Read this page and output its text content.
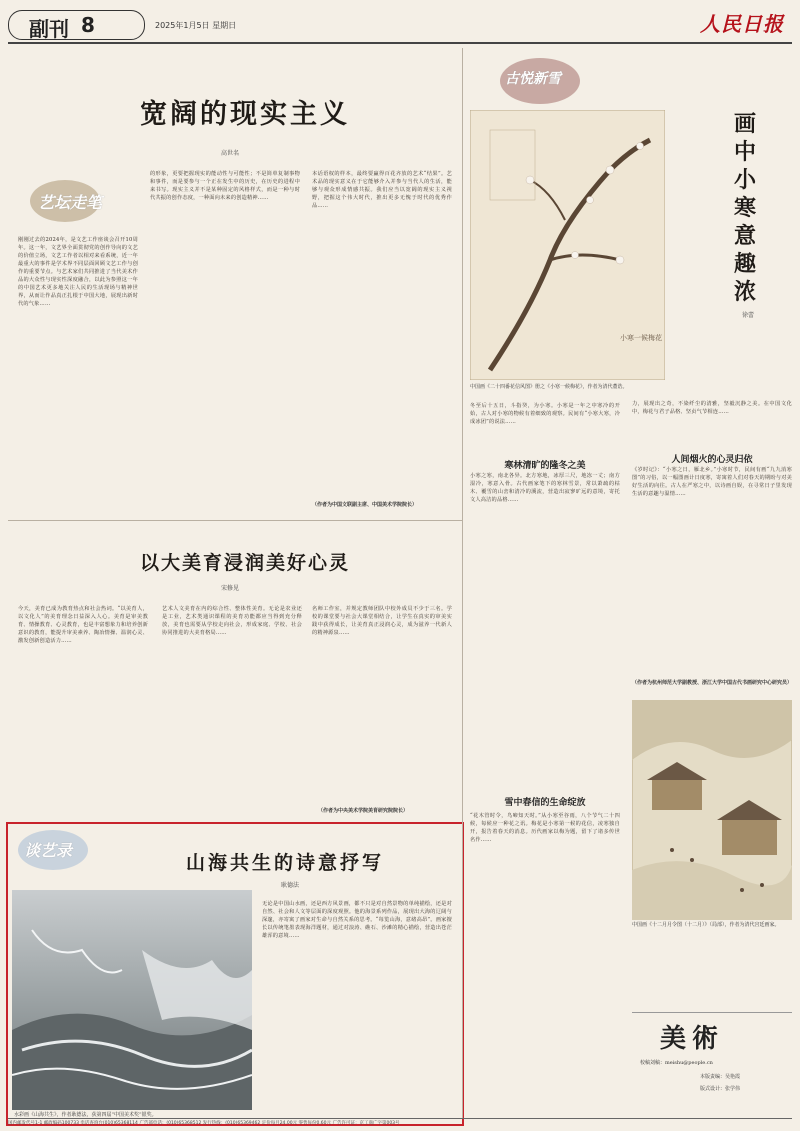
副刊 8	2025年1月5日 星期日	人民日报
宽阔的现实主义
高世名
艺坛走笔
刚刚过去的2024年，是文艺工作座谈会召开10周年。这一年，文艺界全面贯彻党的创作导向的文艺的价值立场，文艺工作者以相对来看系统，近一年最重大的事件是学术界不同层面回顾文艺工作与创作的重要节点。与艺术家们共同推进了当代美术作品的大众性与现实性深度融合，以此为参照这一年的中国艺术更多地关注人民的生活现场与精神世界，从而让作品真正扎根于中国大地，展现出新时代的气象……
的形象，更要把握现实的能动性与可能性；不是简单复制事物和事件，而是要参与一个正在发生中的历史，在历史的进程中来书写。现实主义并不是某种固定的风格样式，而是一种与时代共振的创作态度，一种面向未来的创造精神……
本话语权的样本，最终要赢得百花齐放的艺术“结果”。艺术品的现实意义在于它能够介入并参与当代人的生活，能够与观众形成情感共振。我们应当以宽阔的现实主义视野，把握这个伟大时代，推出更多无愧于时代的优秀作品……
（作者为中国文联副主席、中国美术学院院长）
以大美育浸润美好心灵
宋修见
今天，美育已成为教育热点和社会热词。“以美育人，以文化人”的美育理念日益深入人心。美育是审美教育、情操教育、心灵教育，也是丰富想象力和培养创新意识的教育，能提升审美素养、陶冶情操、温润心灵、激发创新创造活力……
艺术人文美育在内的综合性、整体性美育。无论是农业还是工业，艺术类通识课程的美育功能都应当得到充分释放，美育也需要从学校走向社会，形成家庭、学校、社会协同推进的大美育格局……
名师工作室，并规定教师团队中校外成员不少于三名。学校的课堂要与社会大课堂相结合，让学生在真实的审美实践中获得成长，让美育真正浸润心灵，成为滋养一代新人的精神源泉……
（作者为中央美术学院美育研究院院长）
谈艺录
山海共生的诗意抒写
耿德法
水彩画《山海共生》，作者耿德法，获第四届“中国美术奖”银奖。
无论是中国山水画，还是西方风景画，都不只是对自然景物的单纯描绘，还是对自然、社会和人文等层面的深度观照。他的海景系列作品，展现出大海的辽阔与深邃，亦寄寓了画家对生命与自然关系的思考。“每览山海，意绪高昂”。画家擅长以传统笔墨表现海洋题材，通过对浪涛、礁石、沙滩的精心描绘，营造出苍茫雄浑的意境……
古悦新雪
小寒一候梅花
中国画《二十四番花信风图》册之《小寒一候梅花》，作者为清代董诰。
画中小寒意趣浓
徐蕾
冬至后十五日，斗指癸，为小寒。小寒是一年之中寒冷的开始，古人对小寒的物候有着细致的观察。民间有“小寒大寒，冷成冰团”的说法……
寒林清旷的隆冬之美
小寒之寒，南北各异。北方寒地，冰厚三尺，地冻一丈；南方湿冷，寒意入骨。古代画家笔下的寒林雪景，常以萧疏的枯木、覆雪的山峦和清冷的溪流，营造出寂寥旷远的意境，寄托文人高洁的品格……
雪中春信的生命绽放
“花木管时令，鸟啼知天时。”从小寒至谷雨，八个节气二十四候，每候应一种花之讯。梅花是小寒第一候的花信，凌寒独自开，报告着春天的消息。历代画家以梅为题，留下了诸多传世名作……
力，展现出之奇，不染纤尘的清雅，坚毅沉静之美。在中国文化中，梅花与君子品格、坚贞气节相连……
人间烟火的心灵归依
《岁时记》：“小寒之日，雁北乡。”小寒时节，民间有画“九九消寒图”的习俗，以一幅图画计日度寒，寄寓着人们对春天的期盼与对美好生活的向往。古人在严寒之中，以诗画自娱，在寻常日子里发现生活的意趣与温情……
（作者为杭州师范大学副教授、浙江大学中国古代书画研究中心研究员）
中国画《十二月月令图（十二月）》（局部），作者为清代宫廷画家。
美術
校稿刘稿：meishu@people.cn
本版责编：吴艳霞
版式设计：张学伟
国内邮发代号1-1 邮政编码100733 电话查询台(010)65368114 广告部电话：(010)65368512 发行热线：(010)65369462 定价每月24.00元 零售每份0.60元 广告许可证：京工商广字第003号
